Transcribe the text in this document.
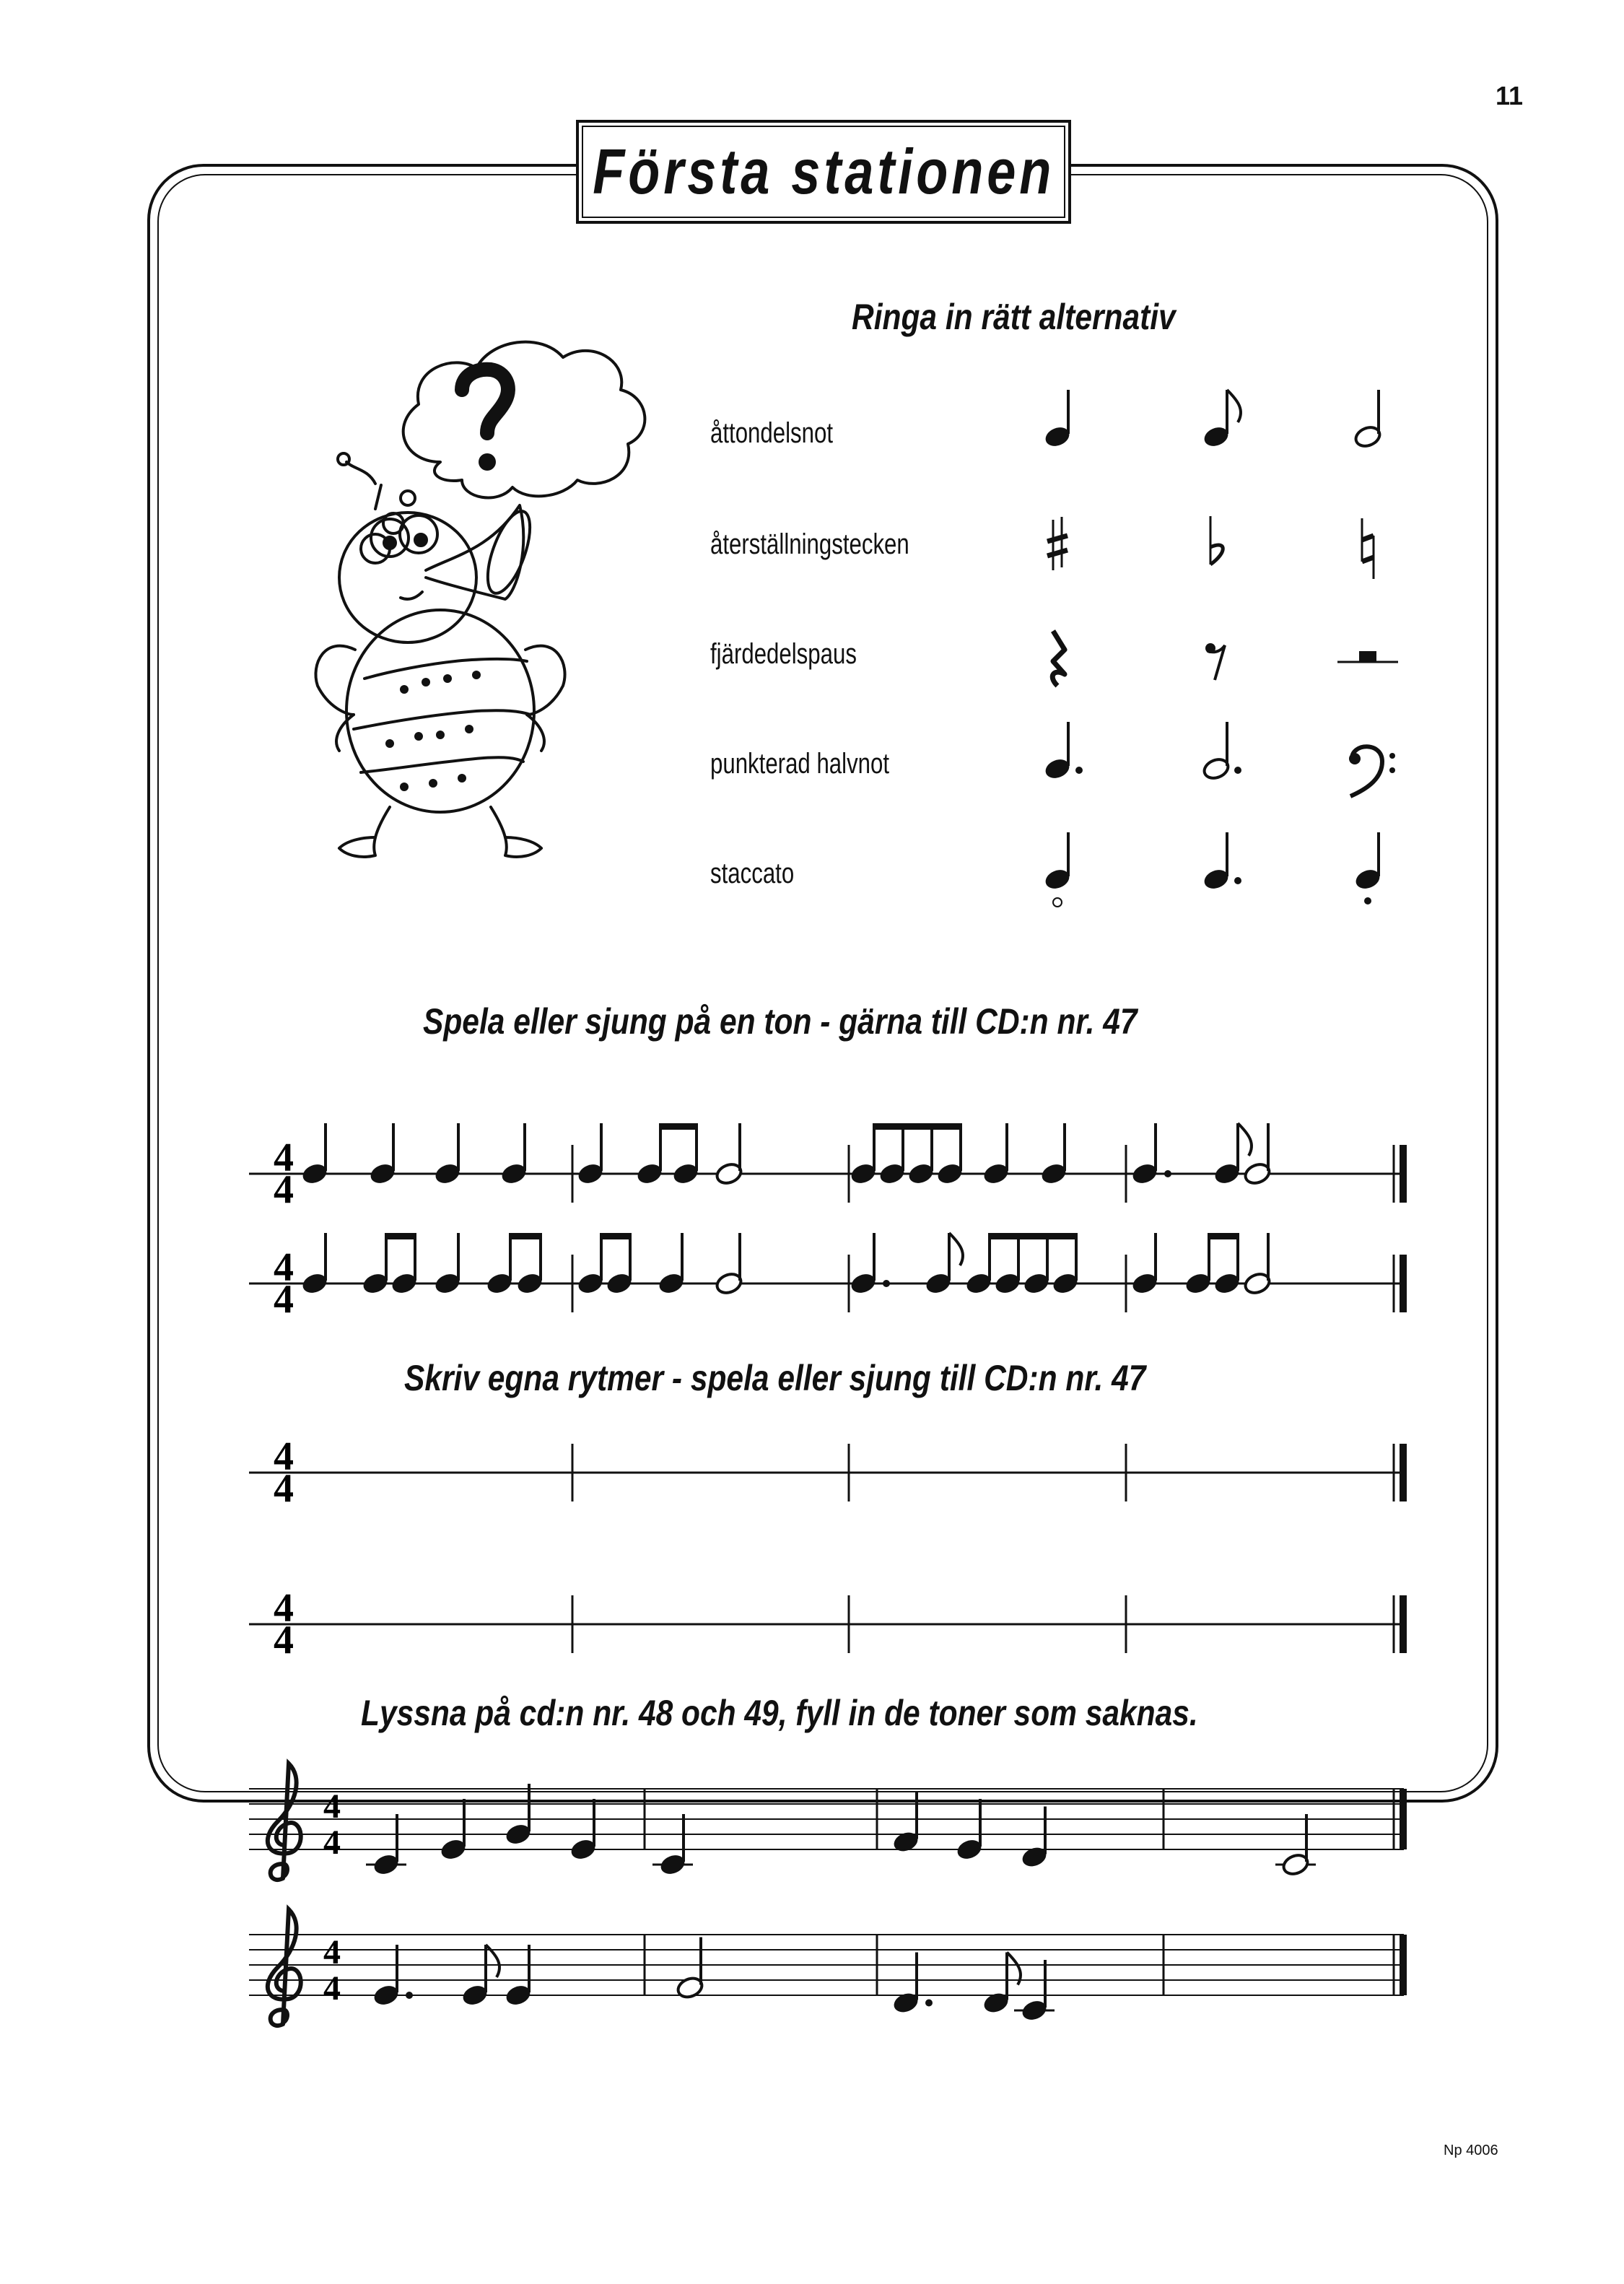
11
Första stationen
Ringa in rätt alternativ
åttondelsnot
återställningstecken
fjärdedelspaus
punkterad halvnot
staccato
Spela eller sjung på en ton - gärna till CD:n nr. 47
Skriv egna rytmer - spela eller sjung till CD:n nr. 47
Lyssna på cd:n nr. 48 och 49, fyll in de toner som saknas.
Np 4006
4
4
4
4
4
4
4
4
4
4
4
4
